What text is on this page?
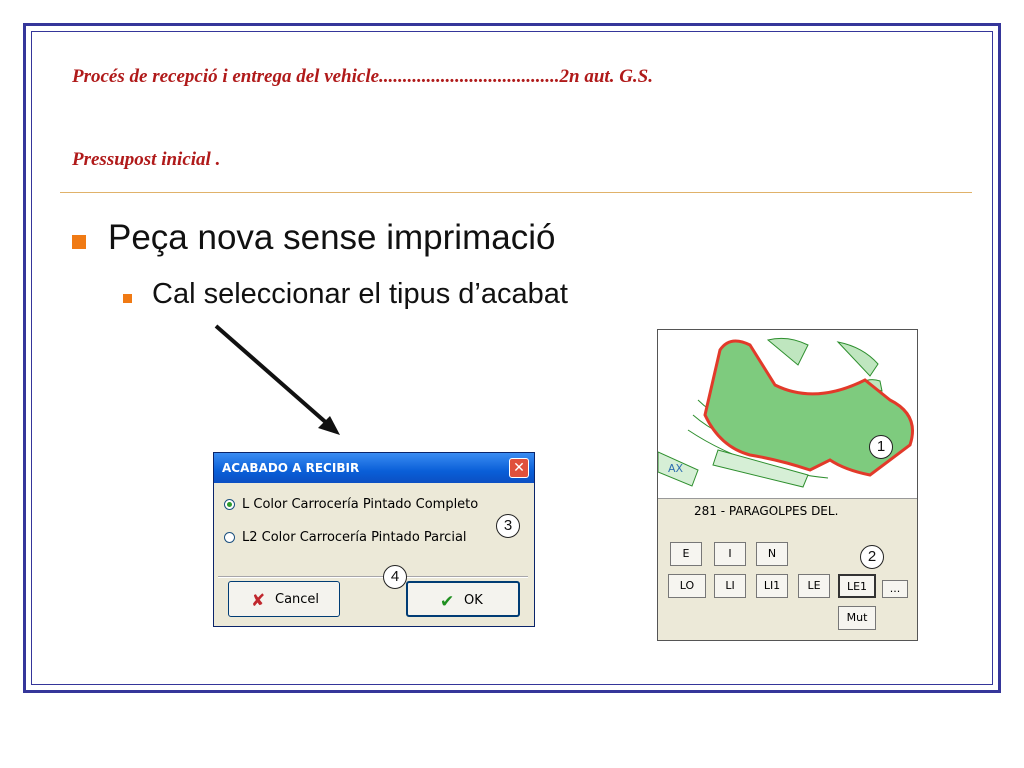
Procés de recepció i entrega del vehicle......................................2n aut. G.S.
Pressupost inicial .
Peça nova sense imprimació
Cal seleccionar el tipus d’acabat
ACABADO A RECIBIR	✕
L Color Carrocería Pintado Completo
L2 Color Carrocería Pintado Parcial
✘ Cancel	✔ OK
3
4
AX
281 - PARAGOLPES DEL.
E	I	N
LO	LI	LI1	LE	LE1	...
Mut
1
2
